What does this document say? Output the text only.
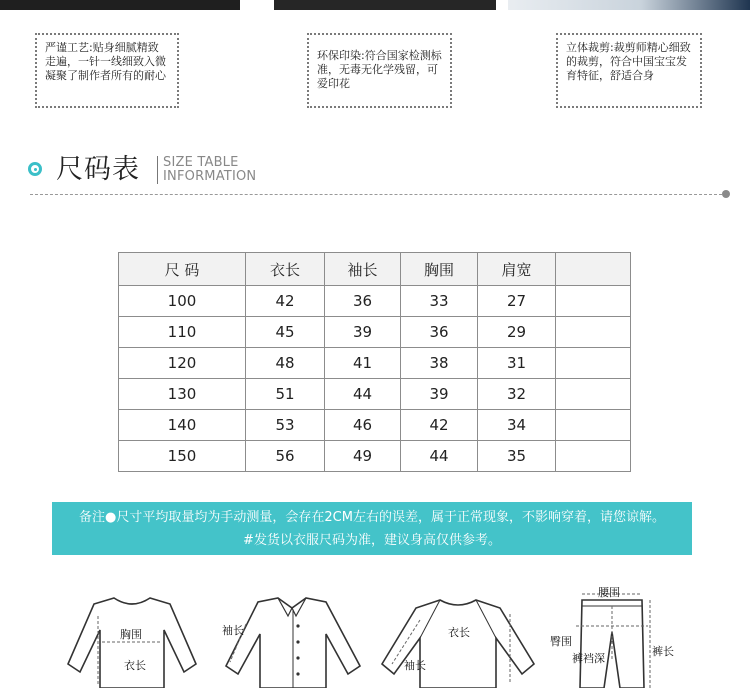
严谨工艺:贴身细腻精致走遍，一针一线细致入微凝聚了制作者所有的耐心
环保印染:符合国家检测标准，无毒无化学残留，可爱印花
立体裁剪:裁剪师精心细致的裁剪，符合中国宝宝发育特征，舒适合身
尺码表 SIZE TABLE
INFORMATION
尺 码	衣长	袖长	胸围	肩宽	
100	42	36	33	27	
110	45	39	36	29	
120	48	41	38	31	
130	51	44	39	32	
140	53	46	42	34	
150	56	49	44	35	
备注●尺寸平均取量均为手动测量，会存在2CM左右的误差，属于正常现象，不影响穿着，请您谅解。
#发货以衣服尺码为准，建议身高仅供参考。
胸围
衣长
袖长	衣长
袖长
腰围
臀围
裤裆深
裤长
